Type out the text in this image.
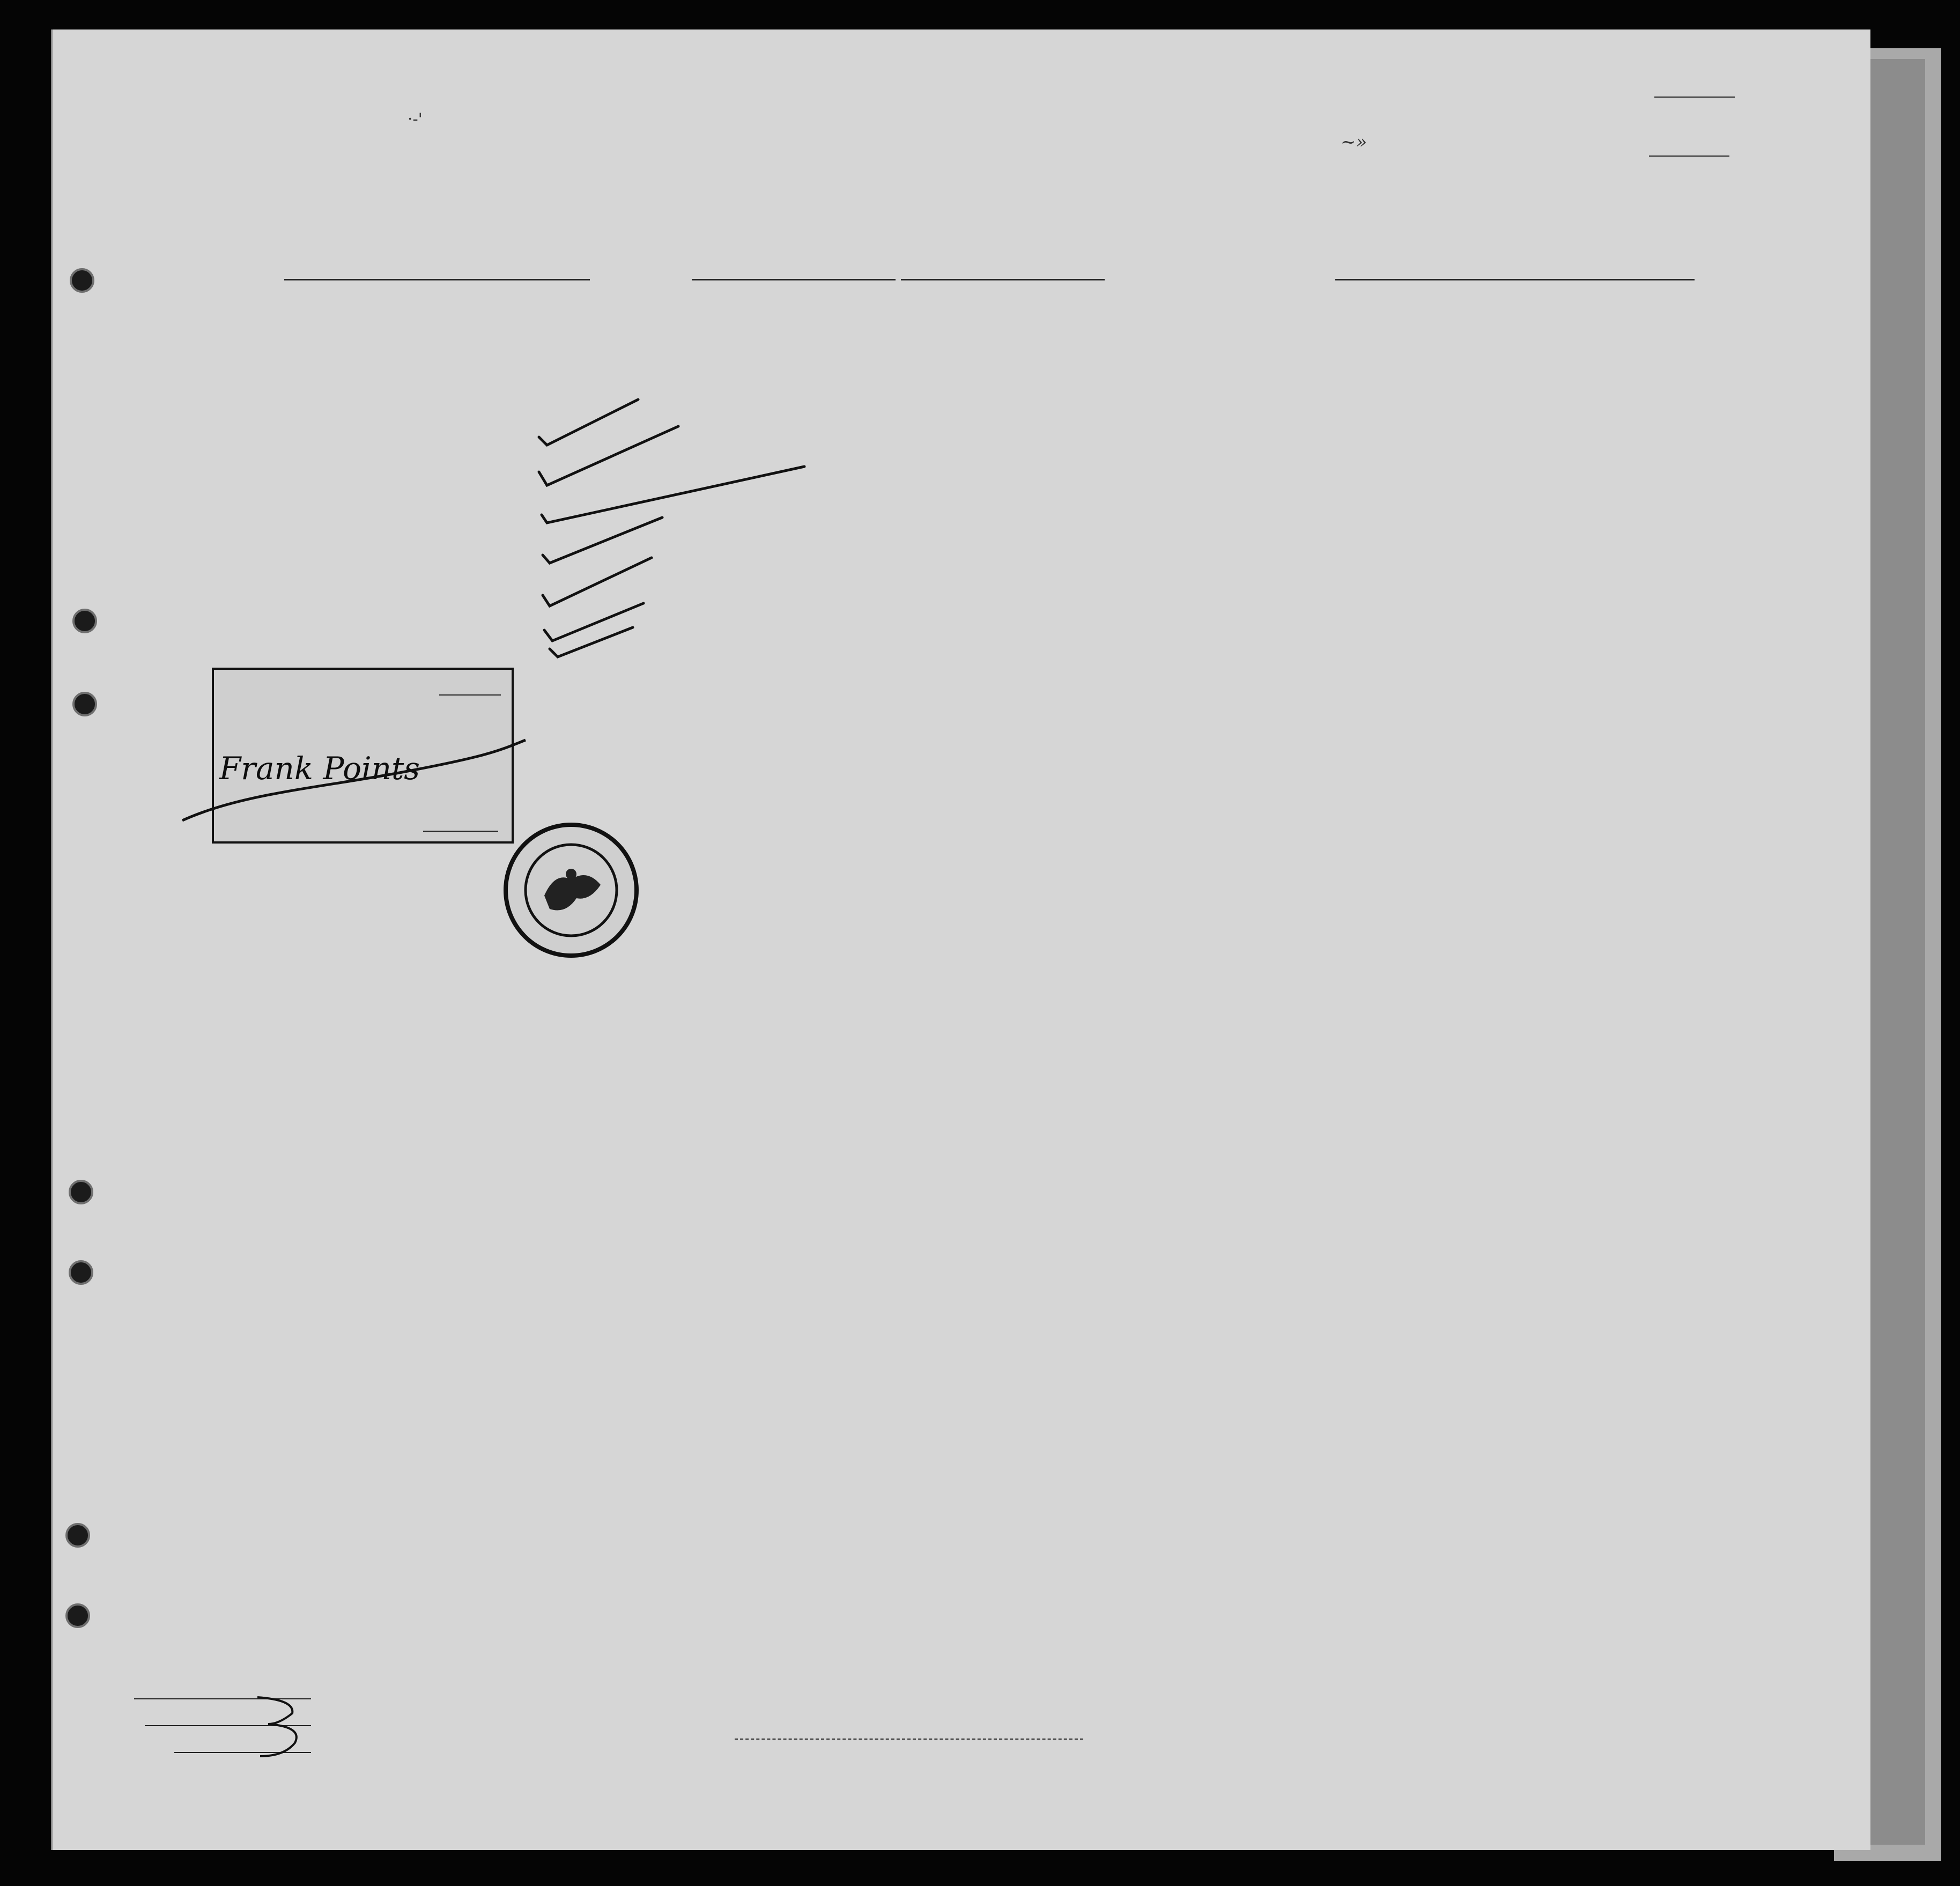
Frank Points
~»
·-'
